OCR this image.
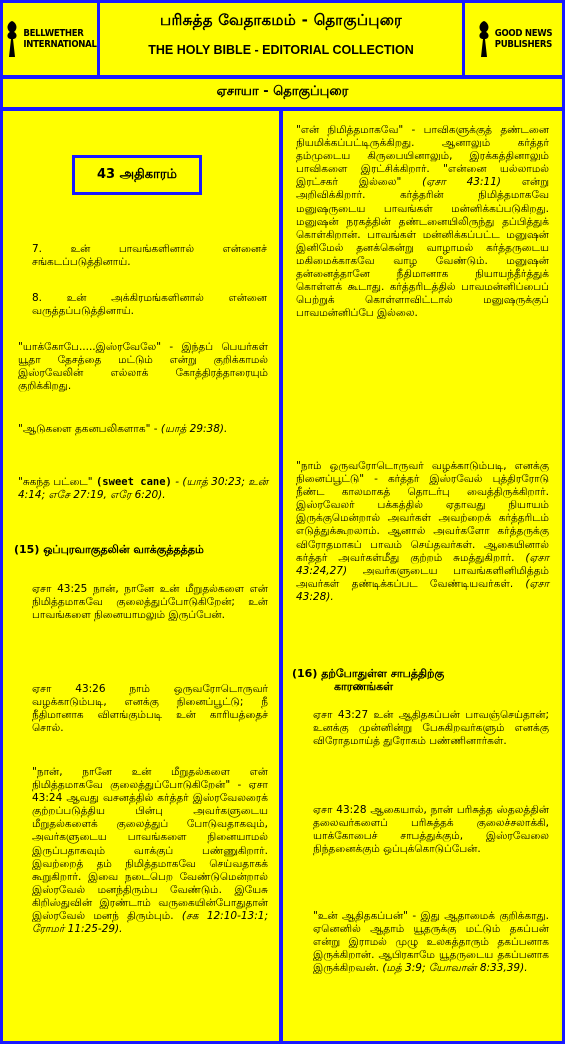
BELLWETHER
INTERNATIONAL
பரிசுத்த வேதாகமம் - தொகுப்புரை
THE HOLY BIBLE - EDITORIAL COLLECTION
GOOD NEWS
PUBLISHERS
ஏசாயா - தொகுப்புரை
43 அதிகாரம்

7. உன் பாவங்களினால் என்னைச் சங்கடப்படுத்தினாய்.

8. உன் அக்கிரமங்களினால் என்னை வருத்தப்படுத்தினாய்.

"யாக்கோபே.....இஸ்ரவேலே" - இந்தப் பெயர்கள் யூதா தேசத்தை மட்டும் என்று குறிக்காமல் இஸ்ரவேலின் எல்லாக் கோத்திரத்தாரையும் குறிக்கிறது.

"ஆடுகளை தகனபலிகளாக" - (யாத் 29:38).

"சுகந்த பட்டை" (sweet cane) - (யாத் 30:23; உன் 4:14; எசே 27:19, எரே 6:20).

(15) ஒப்புரவாகுதலின் வாக்குத்தத்தம்

ஏசா 43:25 நான், நானே உன் மீறுதல்களை என் நிமித்தமாகவே குலைத்துப்போடுகிறேன்; உன் பாவங்களை நினையாமலும் இருப்பேன்.

ஏசா 43:26 நாம் ஒருவரோடொருவர் வழக்காடும்படி, எனக்கு நினைப்பூட்டு; நீ நீதிமானாக விளங்கும்படி உன் காரியத்தைச் சொல்.

"நான், நானே உன் மீறுதல்களை என் நிமித்தமாகவே குலைத்துப்போடுகிறேன்" - ஏசா 43:24 ஆவது வசனத்தில் கர்த்தர் இஸ்ரவேலரைக் குற்றப்படுத்திய பின்பு அவர்களுடைய மீறுதல்களைக் குலைத்துப் போடுவதாகவும், அவர்களுடைய பாவங்களை நினையாமல் இருப்பதாகவும் வாக்குப் பண்ணுகிறார். இவற்றைத் தம் நிமித்தமாகவே செய்வதாகக் கூறுகிறார். இவை நடைபெற வேண்டுமென்றால் இஸ்ரவேல் மனந்திரும்ப வேண்டும். இயேசு கிறிஸ்துவின் இரண்டாம் வருகையின்போதுதான் இஸ்ரவேல் மனந் திரும்பும். (சக 12:10-13:1; ரோமர் 11:25-29).

"என் நிமித்தமாகவே" - பாவிகளுக்குத் தண்டனை நியமிக்கப்பட்டிருக்கிறது. ஆனாலும் கர்த்தர் தம்முடைய கிருபையினாலும், இரக்கத்தினாலும் பாவிகளை இரட்சிக்கிறார். "என்னை யல்லாமல் இரட்சகர் இல்லை" (ஏசா 43:11) என்று அறிவிக்கிறார். கர்த்தரின் நிமித்தமாகவே மனுஷருடைய பாவங்கள் மன்னிக்கப்படுகிறது. மனுஷன் நரகத்தின் தண்டனையிலிருந்து தப்பித்துக் கொள்கிறான். பாவங்கள் மன்னிக்கப்பட்ட மனுஷன் இனிமேல் தனக்கென்று வாழாமல் கர்த்தருடைய மகிமைக்காகவே வாழ வேண்டும். மனுஷன் தன்னைத்தானே நீதிமானாக நியாயந்தீர்த்துக் கொள்ளக் கூடாது. கர்த்தரிடத்தில் பாவமன்னிப்பைப் பெற்றுக் கொள்ளாவிட்டால் மனுஷருக்குப் பாவமன்னிப்பே இல்லை.

"நாம் ஒருவரோடொருவர் வழக்காடும்படி, எனக்கு நினைப்பூட்டு" - கர்த்தர் இஸ்ரவேல் புத்திரரோடு நீண்ட காலமாகத் தொடர்பு வைத்திருக்கிறார். இஸ்ரவேலர் பக்கத்தில் ஏதாவது நியாயம் இருக்குமென்றால் அவர்கள் அவற்றைக் கர்த்தரிடம் எடுத்துக்கூறலாம். ஆனால் அவர்களோ கர்த்தருக்கு விரோதமாகப் பாவம் செய்தவர்கள். ஆகையினால் கர்த்தர் அவர்கள்மீது குற்றம் சுமத்துகிறார். (ஏசா 43:24,27) அவர்களுடைய பாவங்களினிமித்தம் அவர்கள் தண்டிக்கப்பட வேண்டியவர்கள். (ஏசா 43:28).

(16) தற்போதுள்ள சாபத்திற்கு
காரணங்கள்

ஏசா 43:27 உன் ஆதிதகப்பன் பாவஞ்செய்தான்; உனக்கு முன்னின்று பேசுகிறவர்களும் எனக்கு விரோதமாய்த் துரோகம் பண்ணினார்கள்.

ஏசா 43:28 ஆகையால், நான் பரிசுத்த ஸ்தலத்தின் தலைவர்களைப் பரிசுத்தக் குலைச்சலாக்கி, யாக்கோபைச் சாபத்துக்கும், இஸ்ரவேலை நிந்தனைக்கும் ஒப்புக்கொடுப்பேன்.

"உன் ஆதிதகப்பன்" - இது ஆதாமைக் குறிக்காது. ஏனெனில் ஆதாம் யூதருக்கு மட்டும் தகப்பன் என்று இராமல் முழு உலகத்தாரும் தகப்பனாக இருக்கிறான். ஆபிரகாமே யூதருடைய தகப்பனாக இருக்கிறவன். (மத் 3:9; யோவான் 8:33,39).
